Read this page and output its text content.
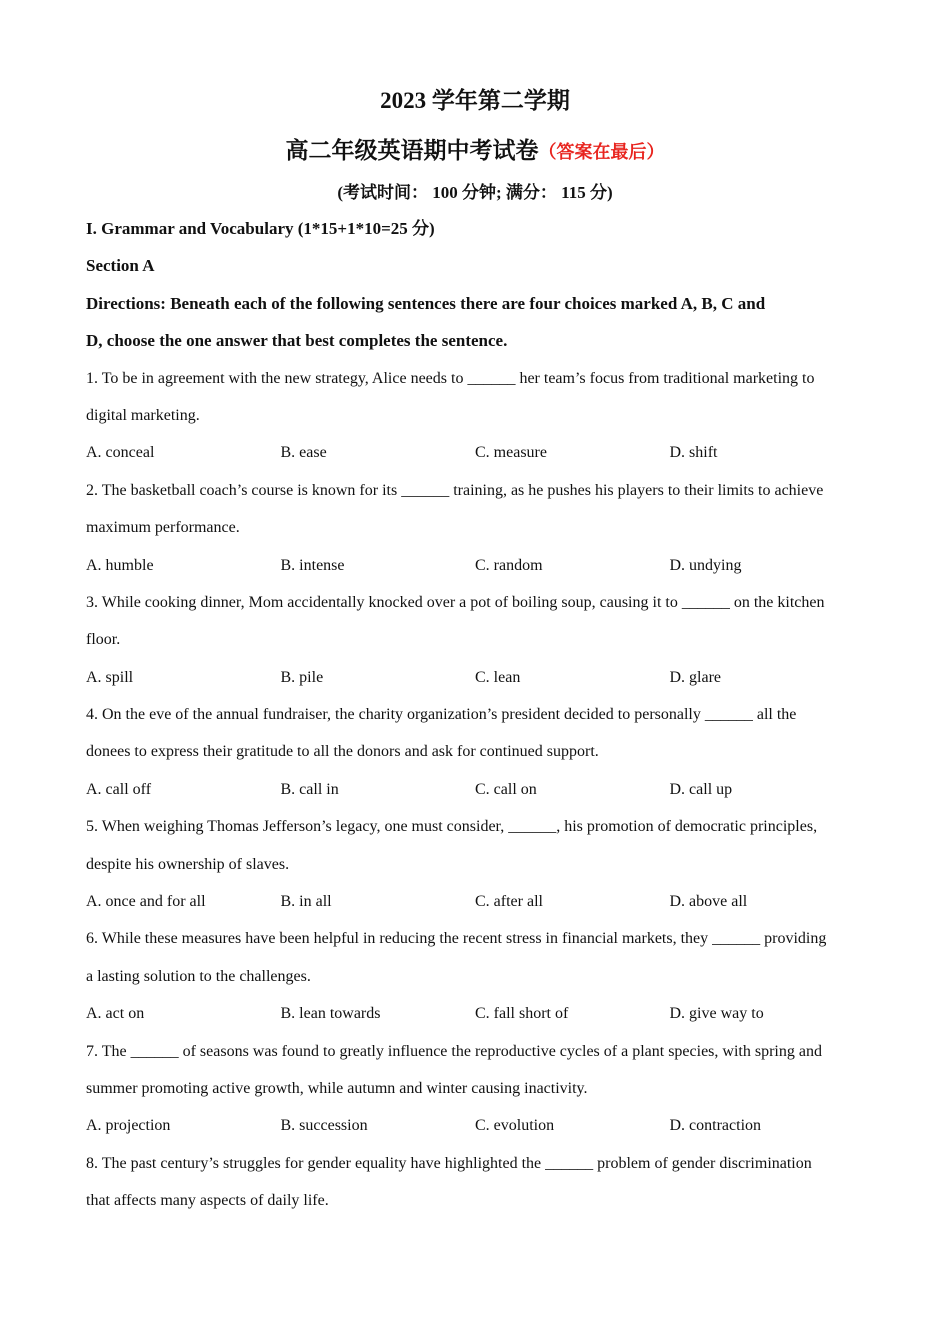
2023 学年第二学期
高二年级英语期中考试卷（答案在最后）
(考试时间： 100 分钟; 满分： 115 分)
I. Grammar and Vocabulary (1*15+1*10=25 分)
Section A
Directions: Beneath each of the following sentences there are four choices marked A, B, C and
D, choose the one answer that best completes the sentence.
1. To be in agreement with the new strategy, Alice needs to ______ her team’s focus from traditional marketing to
digital marketing.
A. conceal	B. ease	C. measure	D. shift
2. The basketball coach’s course is known for its ______ training, as he pushes his players to their limits to achieve
maximum performance.
A. humble	B. intense	C. random	D. undying
3. While cooking dinner, Mom accidentally knocked over a pot of boiling soup, causing it to ______ on the kitchen
floor.
A. spill	B. pile	C. lean	D. glare
4. On the eve of the annual fundraiser, the charity organization’s president decided to personally ______ all the
donees to express their gratitude to all the donors and ask for continued support.
A. call off	B. call in	C. call on	D. call up
5. When weighing Thomas Jefferson’s legacy, one must consider, ______, his promotion of democratic principles,
despite his ownership of slaves.
A. once and for all	B. in all	C. after all	D. above all
6. While these measures have been helpful in reducing the recent stress in financial markets, they ______ providing
a lasting solution to the challenges.
A. act on	B. lean towards	C. fall short of	D. give way to
7. The ______ of seasons was found to greatly influence the reproductive cycles of a plant species, with spring and
summer promoting active growth, while autumn and winter causing inactivity.
A. projection	B. succession	C. evolution	D. contraction
8. The past century’s struggles for gender equality have highlighted the ______ problem of gender discrimination
that affects many aspects of daily life.
